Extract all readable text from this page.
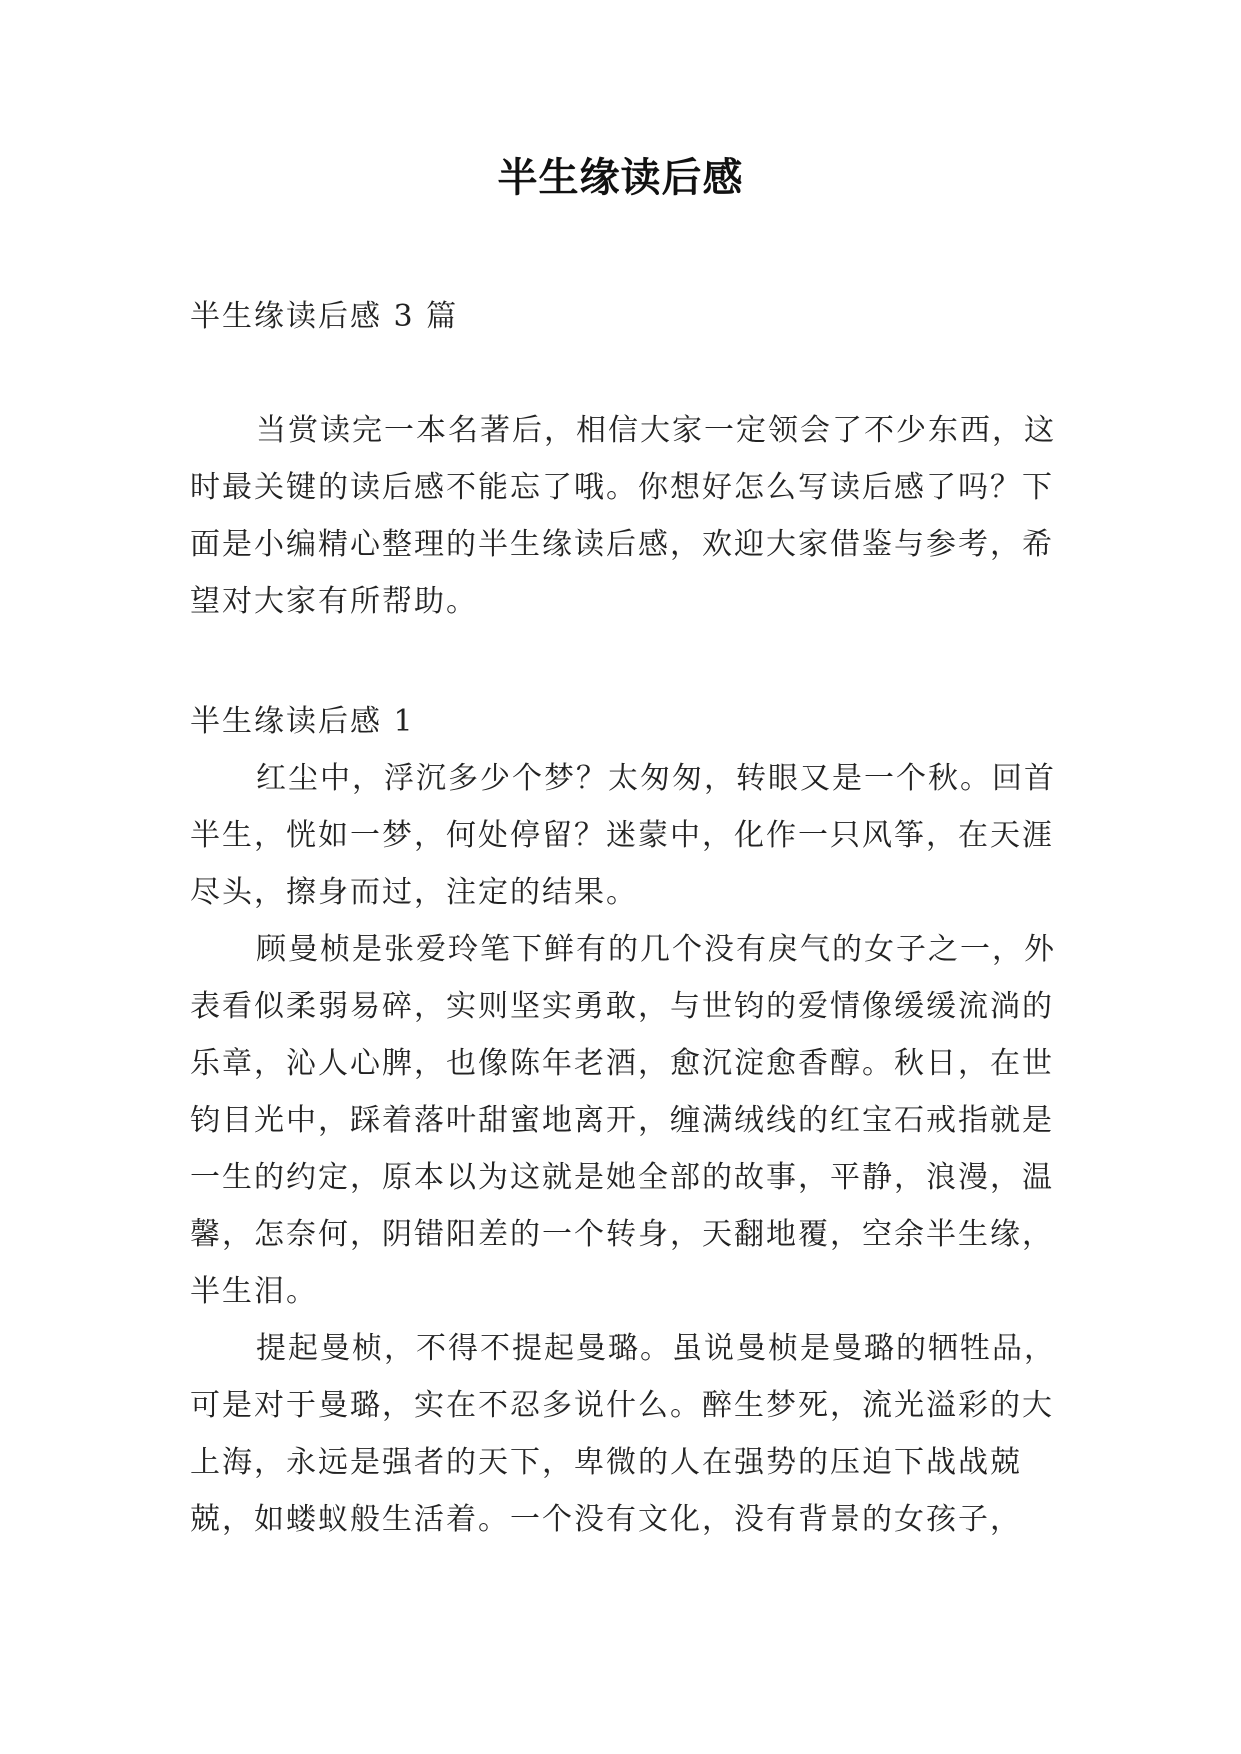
半生缘读后感
半生缘读后感 3 篇

当赏读完一本名著后，相信大家一定领会了不少东西，这时最关键的读后感不能忘了哦。你想好怎么写读后感了吗？下面是小编精心整理的半生缘读后感，欢迎大家借鉴与参考，希望对大家有所帮助。

半生缘读后感 1

红尘中，浮沉多少个梦？太匆匆，转眼又是一个秋。回首半生，恍如一梦，何处停留？迷蒙中，化作一只风筝，在天涯尽头，擦身而过，注定的结果。

顾曼桢是张爱玲笔下鲜有的几个没有戾气的女子之一，外表看似柔弱易碎，实则坚实勇敢，与世钧的爱情像缓缓流淌的乐章，沁人心脾，也像陈年老酒，愈沉淀愈香醇。秋日，在世钧目光中，踩着落叶甜蜜地离开，缠满绒线的红宝石戒指就是一生的约定，原本以为这就是她全部的故事，平静，浪漫，温馨，怎奈何，阴错阳差的一个转身，天翻地覆，空余半生缘，半生泪。

提起曼桢，不得不提起曼璐。虽说曼桢是曼璐的牺牲品，可是对于曼璐，实在不忍多说什么。醉生梦死，流光溢彩的大上海，永远是强者的天下，卑微的人在强势的压迫下战战兢兢，如蝼蚁般生活着。一个没有文化，没有背景的女孩子，
